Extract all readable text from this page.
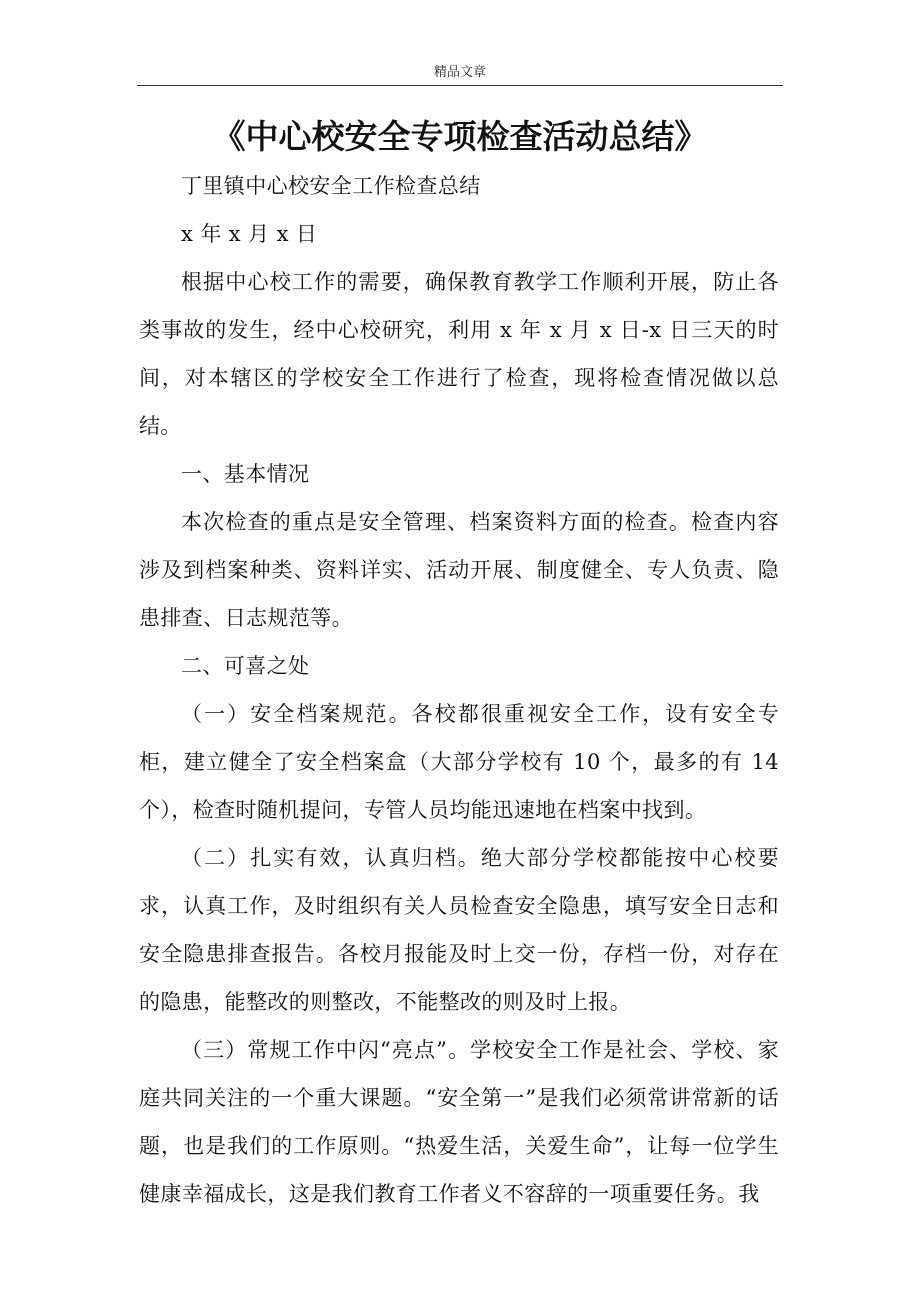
精品文章
《中心校安全专项检查活动总结》

丁里镇中心校安全工作检查总结

x 年 x 月 x 日

根据中心校工作的需要，确保教育教学工作顺利开展，防止各类事故的发生，经中心校研究，利用 x 年 x 月 x 日-x 日三天的时间，对本辖区的学校安全工作进行了检查，现将检查情况做以总结。

一、基本情况

本次检查的重点是安全管理、档案资料方面的检查。检查内容涉及到档案种类、资料详实、活动开展、制度健全、专人负责、隐患排查、日志规范等。

二、可喜之处

（一）安全档案规范。各校都很重视安全工作，设有安全专柜，建立健全了安全档案盒（大部分学校有 10 个，最多的有 14 个），检查时随机提问，专管人员均能迅速地在档案中找到。

（二）扎实有效，认真归档。绝大部分学校都能按中心校要求，认真工作，及时组织有关人员检查安全隐患，填写安全日志和安全隐患排查报告。各校月报能及时上交一份，存档一份，对存在的隐患，能整改的则整改，不能整改的则及时上报。

（三）常规工作中闪“亮点”。学校安全工作是社会、学校、家庭共同关注的一个重大课题。“安全第一”是我们必须常讲常新的话题，也是我们的工作原则。“热爱生活，关爱生命”，让每一位学生健康幸福成长，这是我们教育工作者义不容辞的一项重要任务。我
